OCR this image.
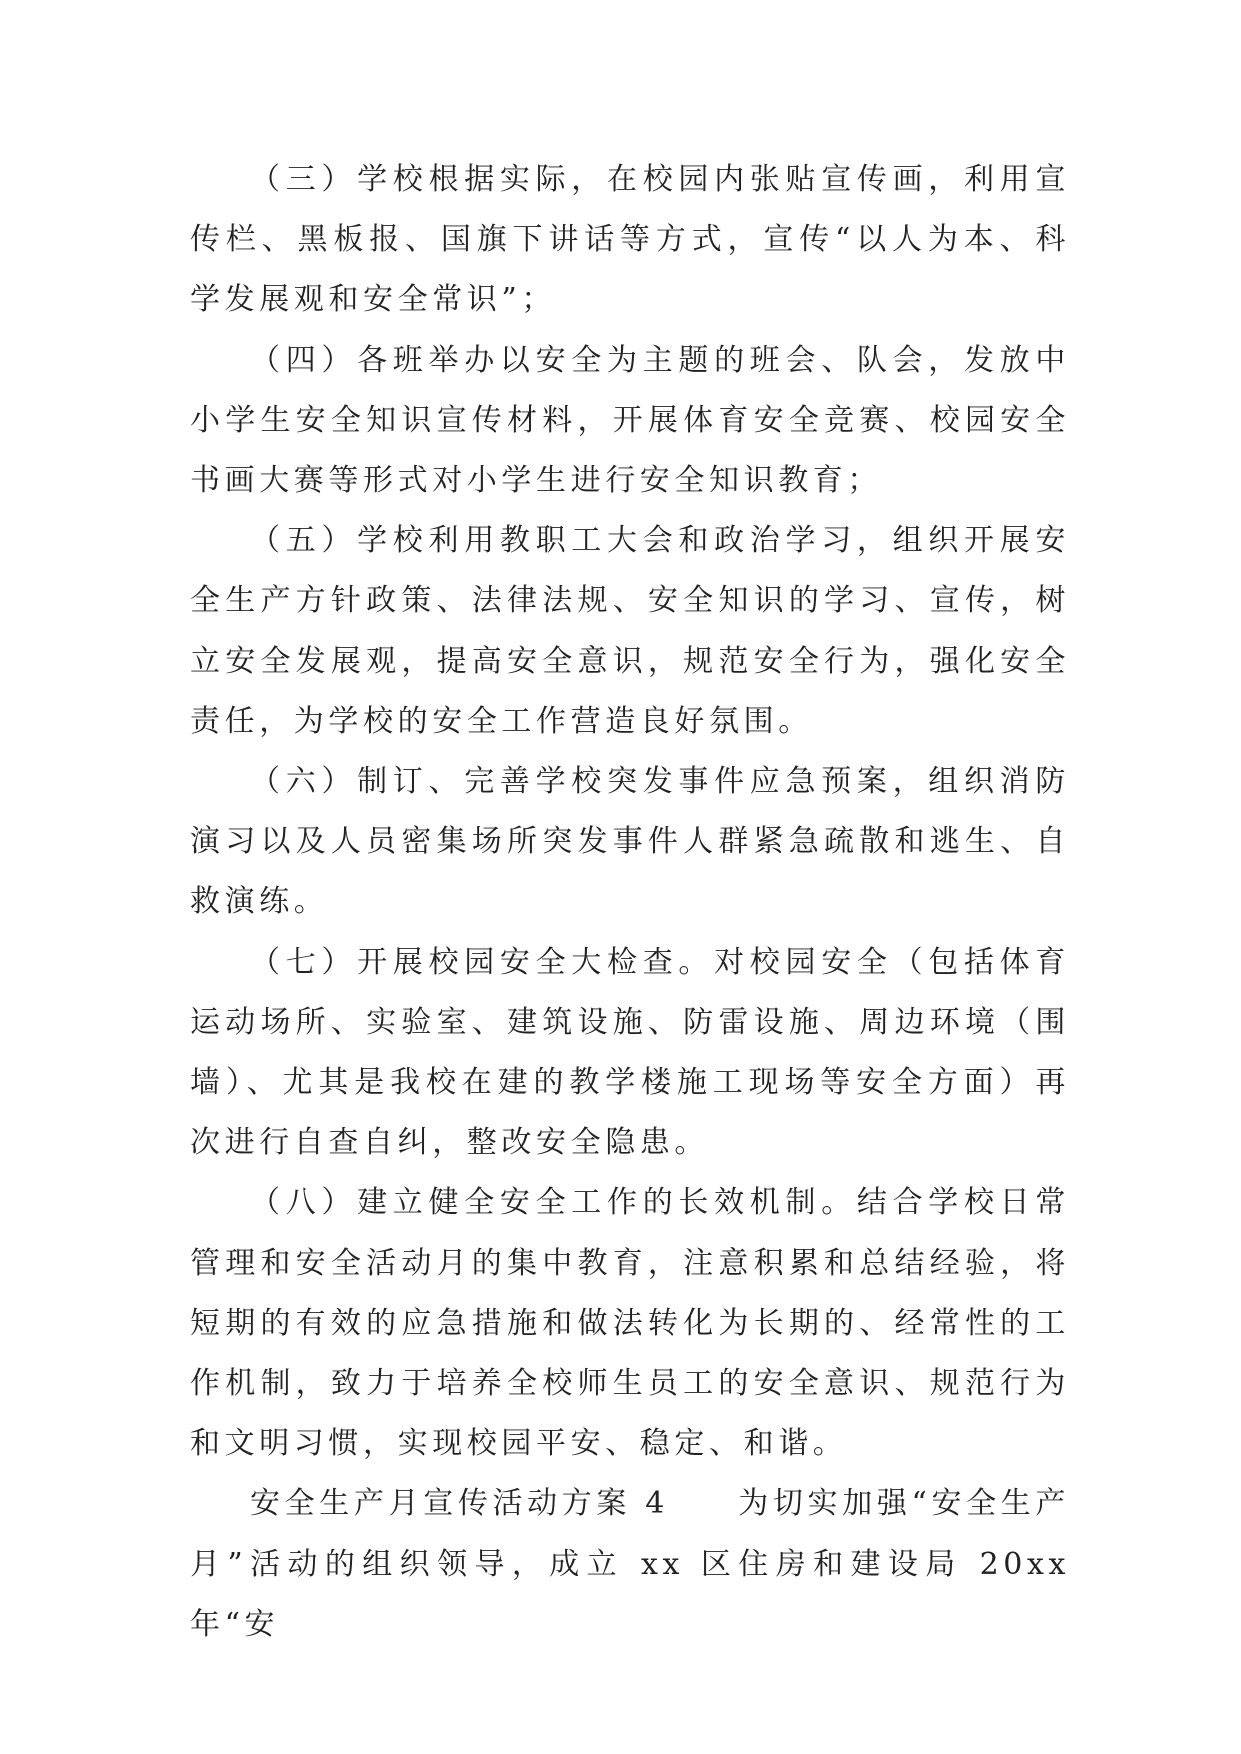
（三）学校根据实际，在校园内张贴宣传画，利用宣传栏、黑板报、国旗下讲话等方式，宣传“以人为本、科学发展观和安全常识”；

（四）各班举办以安全为主题的班会、队会，发放中小学生安全知识宣传材料，开展体育安全竞赛、校园安全书画大赛等形式对小学生进行安全知识教育；

（五）学校利用教职工大会和政治学习，组织开展安全生产方针政策、法律法规、安全知识的学习、宣传，树立安全发展观，提高安全意识，规范安全行为，强化安全责任，为学校的安全工作营造良好氛围。

（六）制订、完善学校突发事件应急预案，组织消防演习以及人员密集场所突发事件人群紧急疏散和逃生、自救演练。

（七）开展校园安全大检查。对校园安全（包括体育运动场所、实验室、建筑设施、防雷设施、周边环境（围墙）、尤其是我校在建的教学楼施工现场等安全方面）再次进行自查自纠，整改安全隐患。

（八）建立健全安全工作的长效机制。结合学校日常管理和安全活动月的集中教育，注意积累和总结经验，将短期的有效的应急措施和做法转化为长期的、经常性的工作机制，致力于培养全校师生员工的安全意识、规范行为和文明习惯，实现校园平安、稳定、和谐。

安全生产月宣传活动方案 4　　为切实加强“安全生产月”活动的组织领导，成立 xx 区住房和建设局 20xx 年“安
